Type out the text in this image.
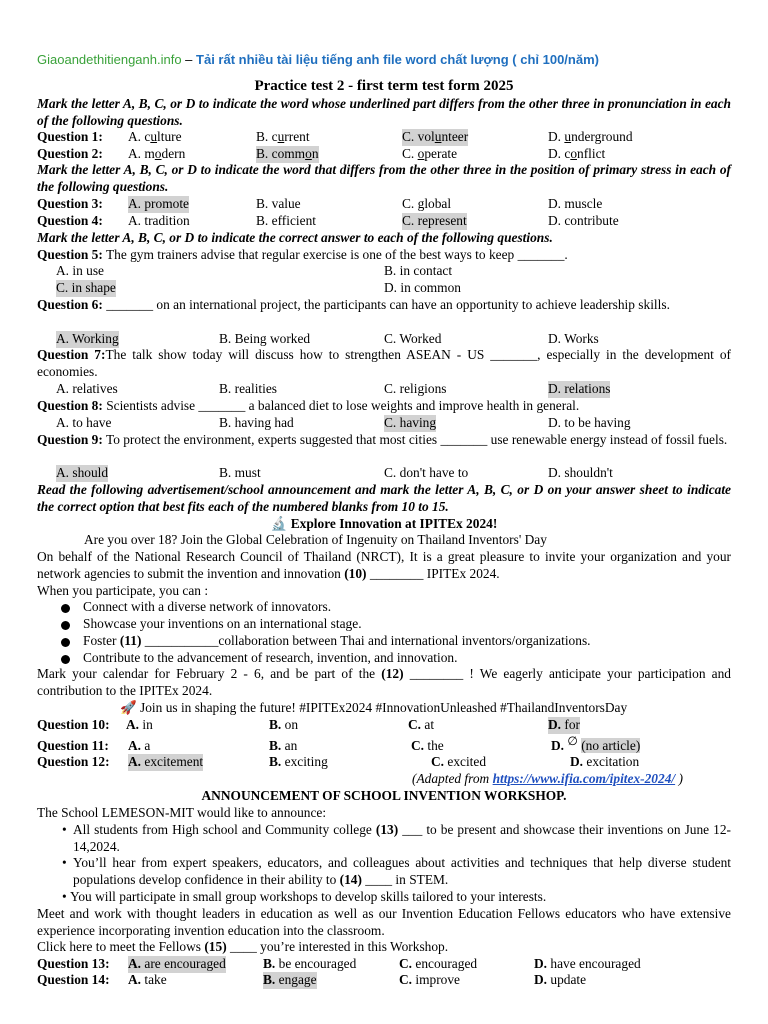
Giaoandethitienganh.info – Tải rất nhiều tài liệu tiếng anh file word chất lượng ( chỉ 100/năm)
Practice test 2 - first term test form 2025
Mark the letter A, B, C, or D to indicate the word whose underlined part differs from the other three in pronunciation in each of the following questions.
Question 1: A. culture	B. current	C. volunteer	D. underground
Question 2: A. modern	B. common	C. operate	D. conflict
Mark the letter A, B, C, or D to indicate the word that differs from the other three in the position of primary stress in each of the following questions.
Question 3: A. promote	B. value	C. global	D. muscle
Question 4: A. tradition	B. efficient	C. represent	D. contribute
Mark the letter A, B, C, or D to indicate the correct answer to each of the following questions.
Question 5: The gym trainers advise that regular exercise is one of the best ways to keep _______.
A. in use	B. in contact
C. in shape	D. in common
Question 6: _______ on an international project, the participants can have an opportunity to achieve leadership skills.
A. Working	B. Being worked	C. Worked	D. Works
Question 7:The talk show today will discuss how to strengthen ASEAN - US _______, especially in the development of economies.
A. relatives	B. realities	C. religions	D. relations
Question 8: Scientists advise _______ a balanced diet to lose weights and improve health in general.
A. to have	B. having had	C. having	D. to be having
Question 9: To protect the environment, experts suggested that most cities _______ use renewable energy instead of fossil fuels.
A. should	B. must	C. don't have to	D. shouldn't
Read the following advertisement/school announcement and mark the letter A, B, C, or D on your answer sheet to indicate the correct option that best fits each of the numbered blanks from 10 to 15.
🔬 Explore Innovation at IPITEx 2024!
Are you over 18? Join the Global Celebration of Ingenuity on Thailand Inventors' Day
On behalf of the National Research Council of Thailand (NRCT), It is a great pleasure to invite your organization and your network agencies to submit the invention and innovation (10) ________ IPITEx 2024.
When you participate, you can :
Connect with a diverse network of innovators.
Showcase your inventions on an international stage.
Foster (11) ___________collaboration between Thai and international inventors/organizations.
Contribute to the advancement of research, invention, and innovation.
Mark your calendar for February 2 - 6, and be part of the (12) ________ ! We eagerly anticipate your participation and contribution to the IPITEx 2024.
🚀 Join us in shaping the future! #IPITEx2024 #InnovationUnleashed #ThailandInventorsDay
Question 10: A. in	B. on	C. at	D. for
Question 11: A. a	B. an	C. the	D. ∅ (no article)
Question 12: A. excitement	B. exciting	C. excited	D. excitation
(Adapted from https://www.ifia.com/ipitex-2024/ )
ANNOUNCEMENT OF SCHOOL INVENTION WORKSHOP.
The School LEMESON-MIT would like to announce:
• All students from High school and Community college (13) ___ to be present and showcase their inventions on June 12-14,2024.
• You’ll hear from expert speakers, educators, and colleagues about activities and techniques that help diverse student populations develop confidence in their ability to (14) ____ in STEM.
• You will participate in small group workshops to develop skills tailored to your interests.
Meet and work with thought leaders in education as well as our Invention Education Fellows educators who have extensive experience incorporating invention education into the classroom.
Click here to meet the Fellows (15) ____ you’re interested in this Workshop.
Question 13: A. are encouraged	B. be encouraged	C. encouraged	D. have encouraged
Question 14: A. take	B. engage	C. improve	D. update
